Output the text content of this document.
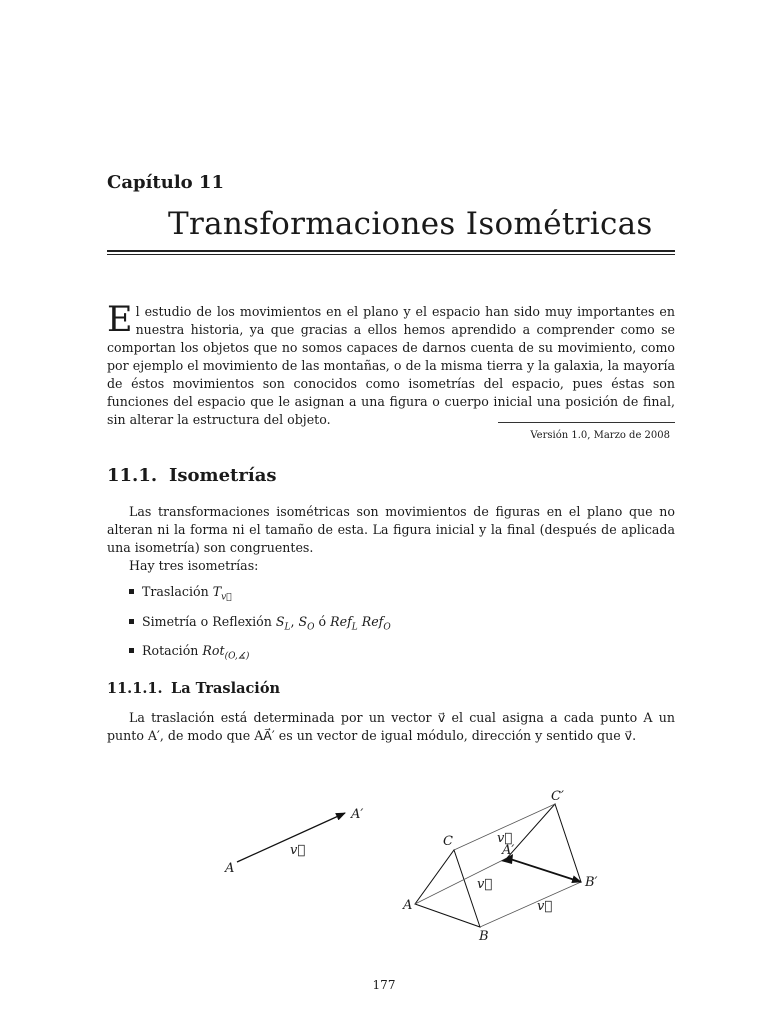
Capítulo 11
Transformaciones Isométricas
E l estudio de los movimientos en el plano y el espacio han sido muy importantes en nuestra historia, ya que gracias a ellos hemos aprendido a comprender como se comportan los objetos que no somos capaces de darnos cuenta de su movimiento, como por ejemplo el movimiento de las montañas, o de la misma tierra y la galaxia, la mayoría de éstos movimientos son conocidos como isometrías del espacio, pues éstas son funciones del espacio que le asignan a una figura o cuerpo inicial una posición de final, sin alterar la estructura del objeto.
Versión 1.0, Marzo de 2008
11.1. Isometrías
Las transformaciones isométricas son movimientos de figuras en el plano que no alteran ni la forma ni el tamaño de esta. La figura inicial y la final (después de aplicada una isometría) son congruentes.
Hay tres isometrías:
Traslación $T_{v⃗}$
Simetría o Reflexión $S_L$, $S_O$ ó Ref$_L$ Ref$_O$
Rotación Rot$_{(O,∡)}$
11.1.1. La Traslación
La traslación está determinada por un vector v⃗ el cual asigna a cada punto A un punto A′, de modo que AA⃗′ es un vector de igual módulo, dirección y sentido que v⃗.
A
A′
v⃗
A
B
C
A′
B′
C′
v⃗
v⃗
v⃗
177
